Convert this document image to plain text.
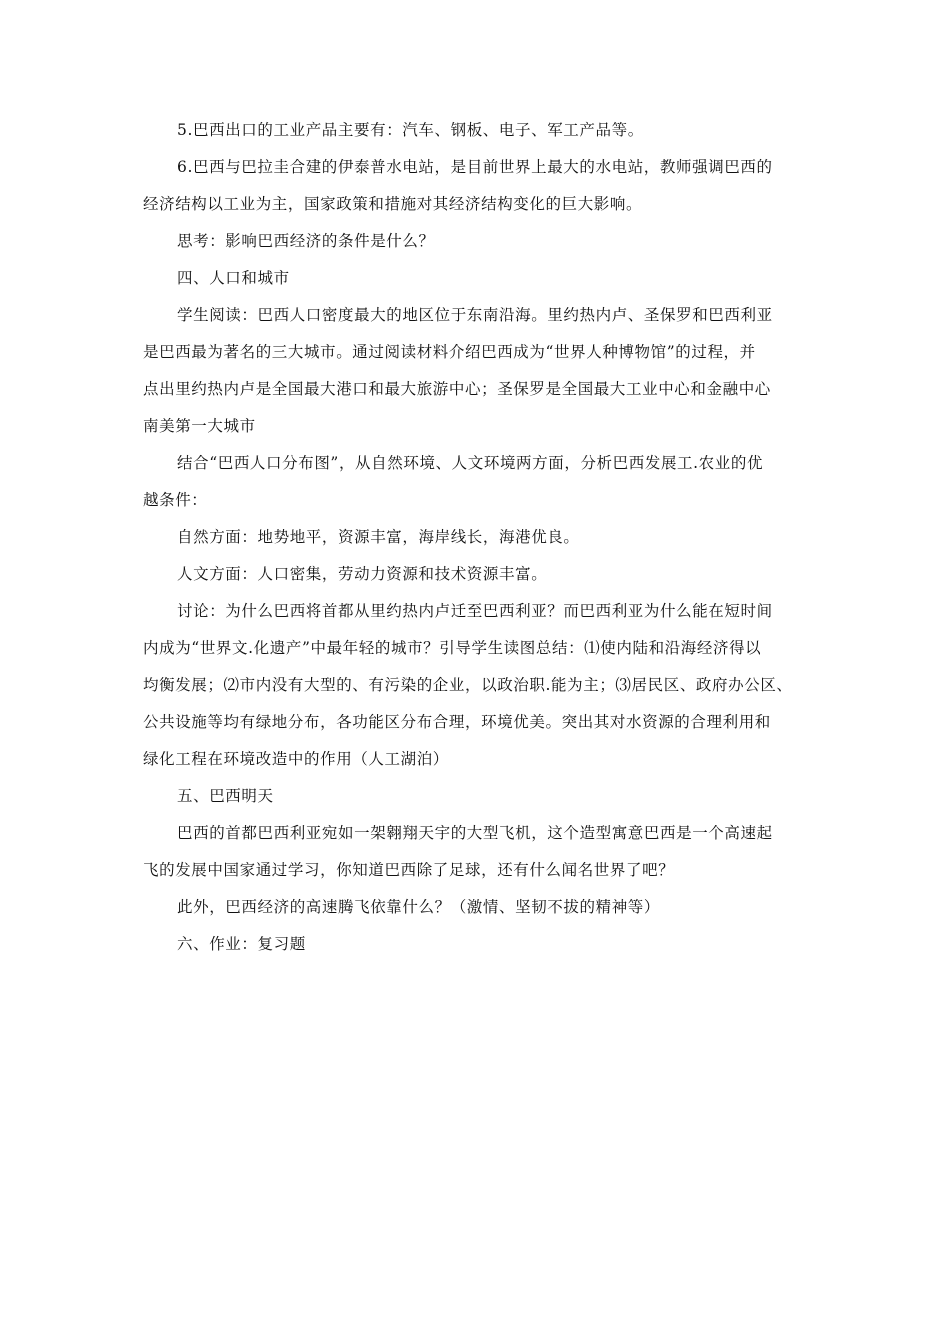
5.巴西出口的工业产品主要有：汽车、钢板、电子、军工产品等。
6.巴西与巴拉圭合建的伊泰普水电站，是目前世界上最大的水电站，教师强调巴西的
经济结构以工业为主，国家政策和措施对其经济结构变化的巨大影响。
思考：影响巴西经济的条件是什么？
四、人口和城市
学生阅读：巴西人口密度最大的地区位于东南沿海。里约热内卢、圣保罗和巴西利亚
是巴西最为著名的三大城市。通过阅读材料介绍巴西成为“世界人种博物馆”的过程，并
点出里约热内卢是全国最大港口和最大旅游中心；圣保罗是全国最大工业中心和金融中心
南美第一大城市
结合“巴西人口分布图”，从自然环境、人文环境两方面，分析巴西发展工.农业的优
越条件：
自然方面：地势地平，资源丰富，海岸线长，海港优良。
人文方面：人口密集，劳动力资源和技术资源丰富。
讨论：为什么巴西将首都从里约热内卢迁至巴西利亚？而巴西利亚为什么能在短时间
内成为“世界文.化遗产”中最年轻的城市？引导学生读图总结：⑴使内陆和沿海经济得以
均衡发展；⑵市内没有大型的、有污染的企业，以政治职.能为主；⑶居民区、政府办公区、
公共设施等均有绿地分布，各功能区分布合理，环境优美。突出其对水资源的合理利用和
绿化工程在环境改造中的作用（人工湖泊）
五、巴西明天
巴西的首都巴西利亚宛如一架翱翔天宇的大型飞机，这个造型寓意巴西是一个高速起
飞的发展中国家通过学习，你知道巴西除了足球，还有什么闻名世界了吧？
此外，巴西经济的高速腾飞依靠什么？（激情、坚韧不拔的精神等）
六、作业：复习题
